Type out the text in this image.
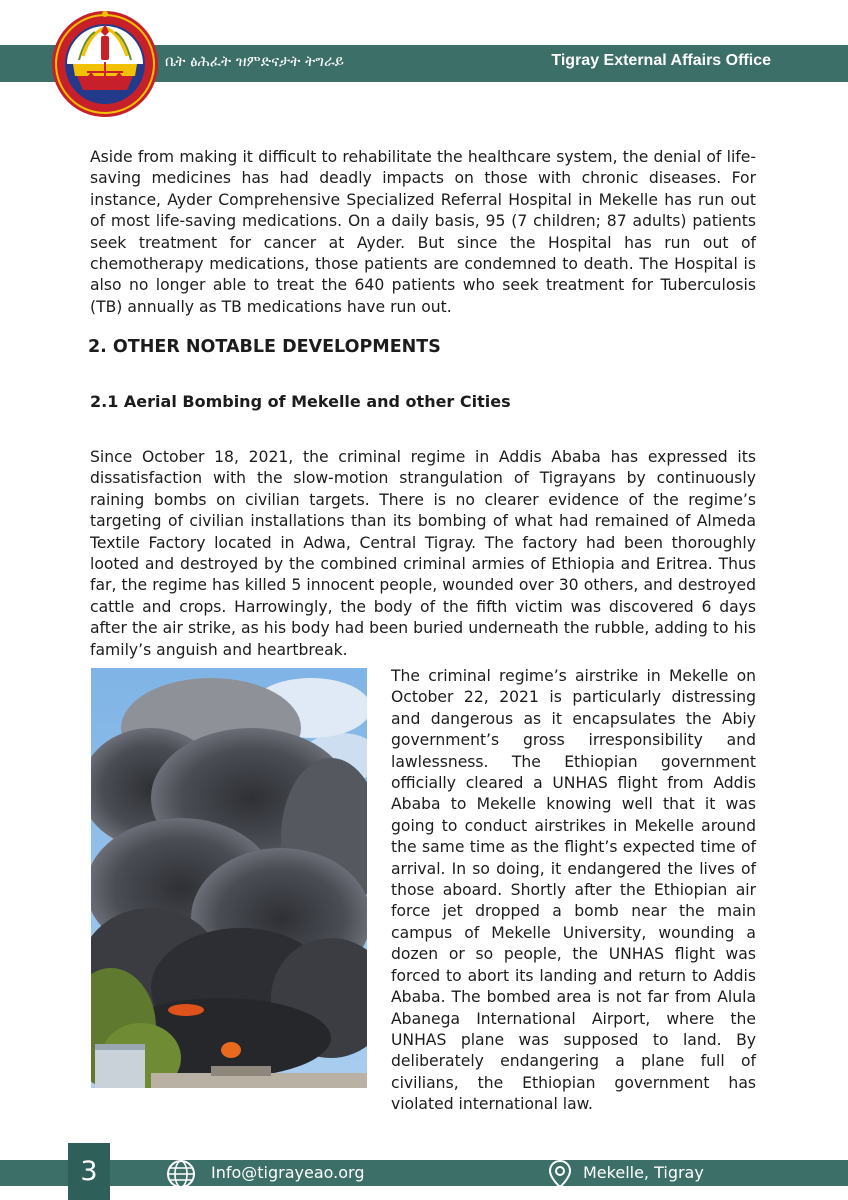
ቤት ፅሕፈት ዝምድናታት ትግራይ	Tigray External Affairs Office

Aside from making it difficult to rehabilitate the healthcare system, the denial of life-saving medicines has had deadly impacts on those with chronic diseases. For instance, Ayder Comprehensive Specialized Referral Hospital in Mekelle has run out of most life-saving medications. On a daily basis, 95 (7 children; 87 adults) patients seek treatment for cancer at Ayder. But since the Hospital has run out of chemotherapy medications, those patients are condemned to death. The Hospital is also no longer able to treat the 640 patients who seek treatment for Tuberculosis (TB) annually as TB medications have run out.

2. OTHER NOTABLE DEVELOPMENTS
2.1 Aerial Bombing of Mekelle and other Cities

Since October 18, 2021, the criminal regime in Addis Ababa has expressed its dissatisfaction with the slow-motion strangulation of Tigrayans by continuously raining bombs on civilian targets. There is no clearer evidence of the regime’s targeting of civilian installations than its bombing of what had remained of Almeda Textile Factory located in Adwa, Central Tigray. The factory had been thoroughly looted and destroyed by the combined criminal armies of Ethiopia and Eritrea. Thus far, the regime has killed 5 innocent people, wounded over 30 others, and destroyed cattle and crops. Harrowingly, the body of the fifth victim was discovered 6 days after the air strike, as his body had been buried underneath the rubble, adding to his family’s anguish and heartbreak.

The criminal regime’s airstrike in Mekelle on October 22, 2021 is particularly distressing and dangerous as it encapsulates the Abiy government’s gross irresponsibility and lawlessness. The Ethiopian government officially cleared a UNHAS flight from Addis Ababa to Mekelle knowing well that it was going to conduct airstrikes in Mekelle around the same time as the flight’s expected time of arrival. In so doing, it endangered the lives of those aboard. Shortly after the Ethiopian air force jet dropped a bomb near the main campus of Mekelle University, wounding a dozen or so people, the UNHAS flight was forced to abort its landing and return to Addis Ababa. The bombed area is not far from Alula Abanega International Airport, where the UNHAS plane was supposed to land. By deliberately endangering a plane full of civilians, the Ethiopian government has violated international law.

3	Info@tigrayeao.org	Mekelle, Tigray
